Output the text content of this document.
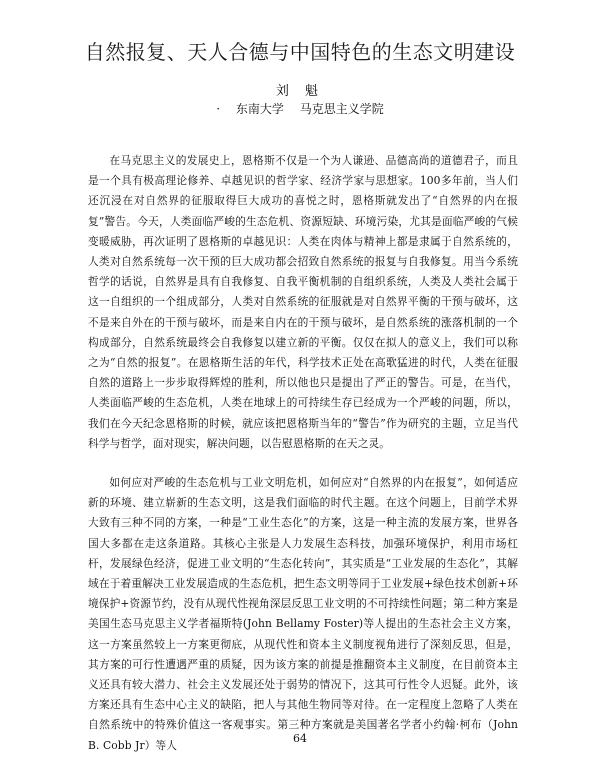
自然报复、天人合德与中国特色的生态文明建设
刘 魁
· 东南大学 马克思主义学院

在马克思主义的发展史上，恩格斯不仅是一个为人谦逊、品德高尚的道德君子，而且是一个具有极高理论修养、卓越见识的哲学家、经济学家与思想家。100多年前，当人们还沉浸在对自然界的征服取得巨大成功的喜悦之时，恩格斯就发出了“自然界的内在报复”警告。今天，人类面临严峻的生态危机、资源短缺、环境污染，尤其是面临严峻的气候变暖威胁，再次证明了恩格斯的卓越见识：人类在肉体与精神上都是隶属于自然系统的，人类对自然系统每一次干预的巨大成功都会招致自然系统的报复与自我修复。用当今系统哲学的话说，自然界是具有自我修复、自我平衡机制的自组织系统，人类及人类社会属于这一自组织的一个组成部分，人类对自然系统的征服就是对自然界平衡的干预与破坏，这不是来自外在的干预与破坏，而是来自内在的干预与破坏，是自然系统的涨落机制的一个构成部分，自然系统最终会自我修复以建立新的平衡。仅仅在拟人的意义上，我们可以称之为“自然的报复”。在恩格斯生活的年代，科学技术正处在高歌猛进的时代，人类在征服自然的道路上一步步取得辉煌的胜利，所以他也只是提出了严正的警告。可是，在当代，人类面临严峻的生态危机，人类在地球上的可持续生存已经成为一个严峻的问题，所以，我们在今天纪念恩格斯的时候，就应该把恩格斯当年的“警告”作为研究的主题，立足当代科学与哲学，面对现实，解决问题，以告慰恩格斯的在天之灵。

如何应对严峻的生态危机与工业文明危机，如何应对“自然界的内在报复”，如何适应新的环境、建立崭新的生态文明，这是我们面临的时代主题。在这个问题上，目前学术界大致有三种不同的方案，一种是“工业生态化”的方案，这是一种主流的发展方案，世界各国大多都在走这条道路。其核心主张是人力发展生态科技，加强环境保护，利用市场杠杆，发展绿色经济，促进工业文明的“生态化转向”，其实质是“工业发展的生态化”，其解域在于着重解决工业发展造成的生态危机，把生态文明等同于工业发展+绿色技术创新+环境保护+资源节约，没有从现代性视角深层反思工业文明的不可持续性问题；第二种方案是美国生态马克思主义学者福斯特(John Bellamy Foster)等人提出的生态社会主义方案，这一方案虽然较上一方案更彻底，从现代性和资本主义制度视角进行了深刻反思，但是，其方案的可行性遭遇严重的质疑，因为该方案的前提是推翻资本主义制度，在目前资本主义还具有较大潜力、社会主义发展还处于弱势的情况下，这其可行性令人迟疑。此外，该方案还具有生态中心主义的缺陷，把人与其他生物同等对待。在一定程度上忽略了人类在自然系统中的特殊价值这一客观事实。第三种方案就是美国著名学者小约翰·柯布（John B. Cobb Jr）等人

64
